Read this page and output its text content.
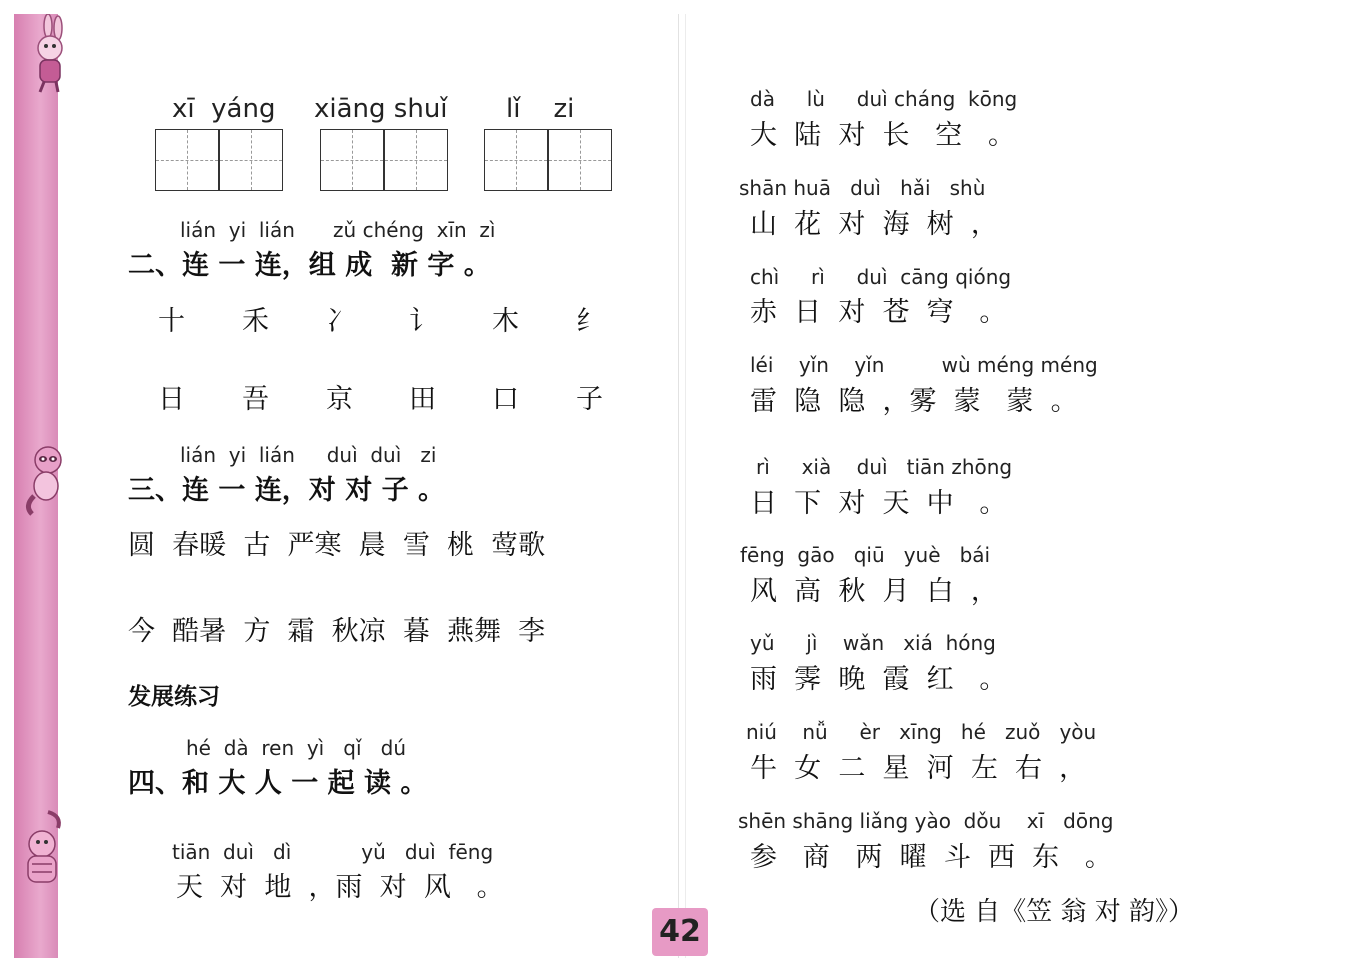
xī  yáng xiāng shuǐ lǐ    zi
lián  yi  lián      zǔ chéng  xīn  zì
二、连 一 连，组 成  新 字 。
十 禾 冫 讠 木 纟
日 吾 京 田 口 子
lián  yi  lián     duì  duì   zi
三、连 一 连，对 对 子 。
圆  春暖  古  严寒  晨  雪  桃  莺歌
今  酷暑  方  霜  秋凉  暮  燕舞  李
发展练习
hé  dà  ren  yì   qǐ   dú
四、和 大 人 一 起 读 。
tiān  duì   dì           yǔ   duì  fēng
天  对  地  ，雨  对  风   。
dà     lù     duì cháng  kōng
大  陆  对  长   空   。
shān huā   duì   hǎi   shù
山  花  对  海  树  ，
chì     rì     duì  cāng qióng
赤  日  对  苍  穹   。
léi    yǐn    yǐn         wù méng méng
雷  隐  隐  ，雾  蒙   蒙  。
rì     xià    duì   tiān zhōng
日  下  对  天  中   。
fēng  gāo   qiū   yuè   bái
风  高  秋  月  白  ，
yǔ     jì    wǎn   xiá  hóng
雨  霁  晚  霞  红   。
niú    nǚ     èr   xīng   hé   zuǒ   yòu
牛  女  二  星  河  左  右  ，
shēn shāng liǎng yào  dǒu    xī   dōng
参   商   两  曜  斗  西  东   。
（选 自《笠 翁 对 韵》）
42
